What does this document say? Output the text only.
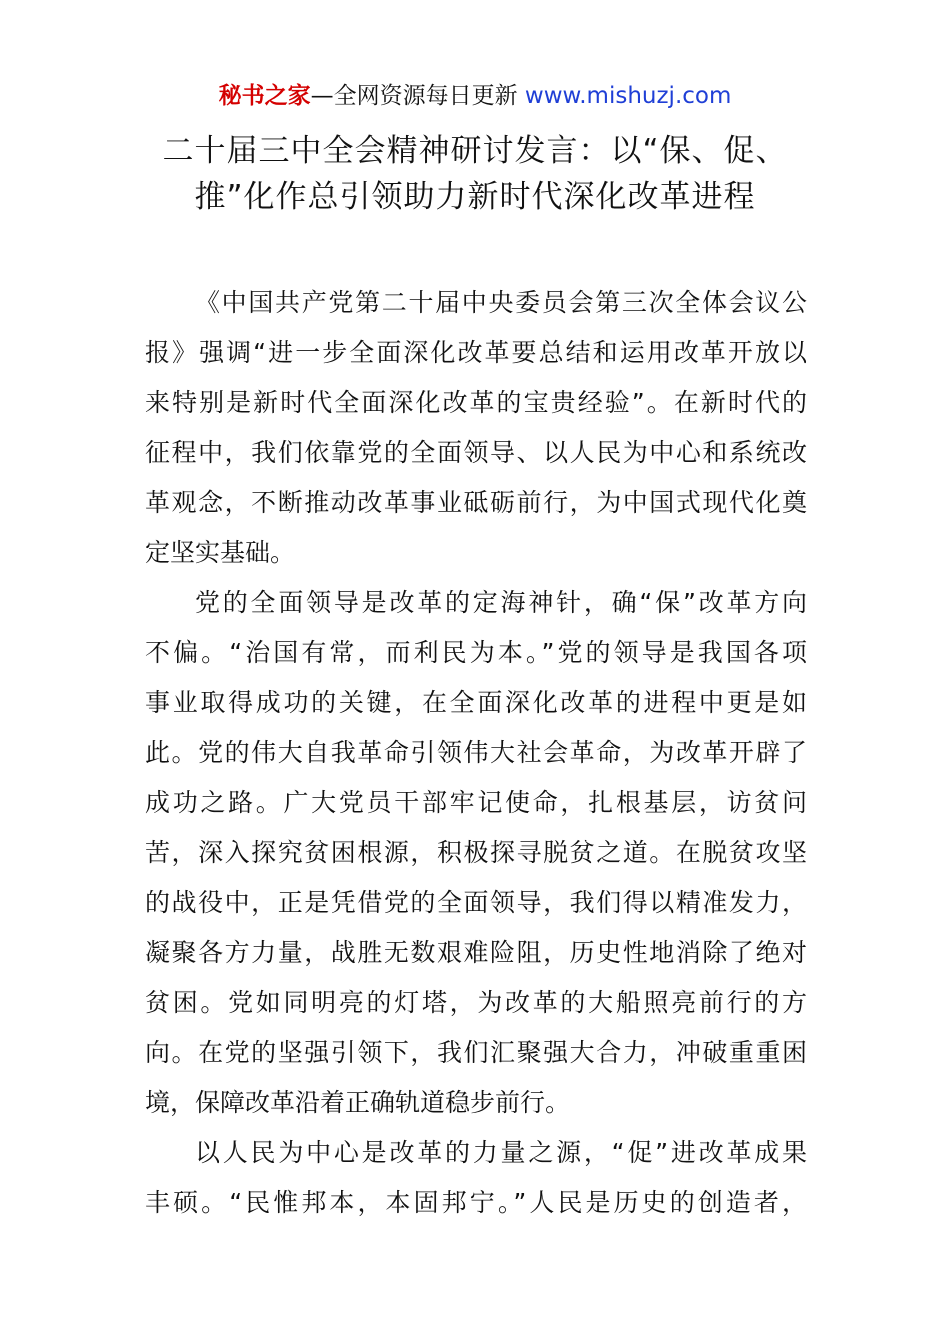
秘书之家—全网资源每日更新 www.mishuzj.com
二十届三中全会精神研讨发言：以“保、促、
推”化作总引领助力新时代深化改革进程
《中国共产党第二十届中央委员会第三次全体会议公
报》强调“进一步全面深化改革要总结和运用改革开放以
来特别是新时代全面深化改革的宝贵经验”。在新时代的
征程中，我们依靠党的全面领导、以人民为中心和系统改
革观念，不断推动改革事业砥砺前行，为中国式现代化奠
定坚实基础。
党的全面领导是改革的定海神针，确“保”改革方向
不偏。“治国有常，而利民为本。”党的领导是我国各项
事业取得成功的关键，在全面深化改革的进程中更是如
此。党的伟大自我革命引领伟大社会革命，为改革开辟了
成功之路。广大党员干部牢记使命，扎根基层，访贫问
苦，深入探究贫困根源，积极探寻脱贫之道。在脱贫攻坚
的战役中，正是凭借党的全面领导，我们得以精准发力，
凝聚各方力量，战胜无数艰难险阻，历史性地消除了绝对
贫困。党如同明亮的灯塔，为改革的大船照亮前行的方
向。在党的坚强引领下，我们汇聚强大合力，冲破重重困
境，保障改革沿着正确轨道稳步前行。
以人民为中心是改革的力量之源，“促”进改革成果
丰硕。“民惟邦本，本固邦宁。”人民是历史的创造者，
